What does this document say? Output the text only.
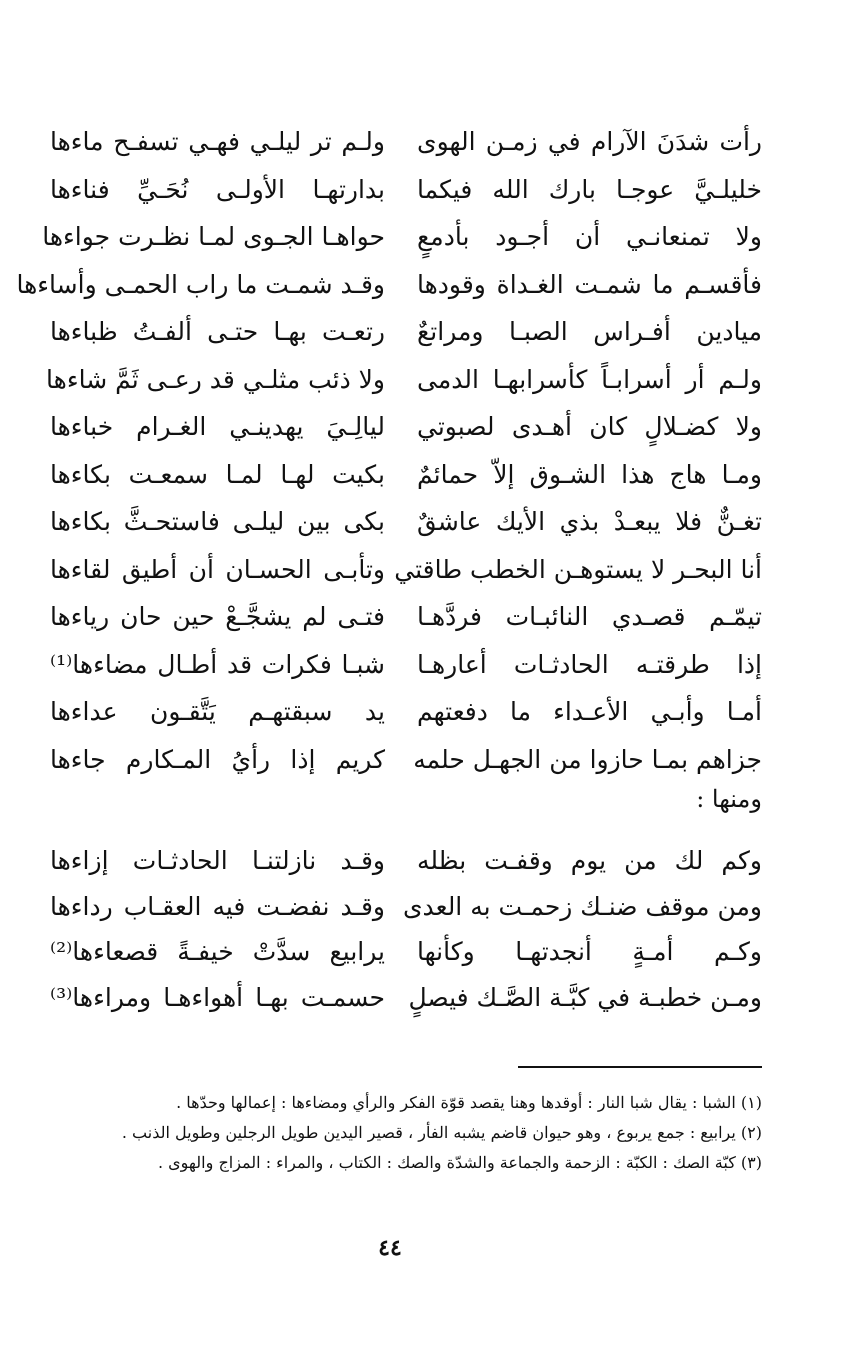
رأت شدَنَ الآرام في زمـن الهوى
ولـم تر ليلـي فهـي تسفـح ماءها
خليلـيَّ عوجـا بارك الله فيكما
بدارتهـا الأولـى نُحَـيِّ فناءها
ولا تمنعانـي أن أجـود بأدمعٍ
حواهـا الجـوى لمـا نظـرت جواءها
فأقسـم ما شمـت الغـداة وقودها
وقـد شمـت ما راب الحمـى وأساءها
ميادين أفـراس الصبـا ومراتعٌ
رتعـت بهـا حتـى ألفـتُ ظباءها
ولـم أر أسرابـاً كأسرابهـا الدمى
ولا ذئب مثلـي قد رعـى ثَمَّ شاءها
ولا كضـلالٍ كان أهـدى لصبوتي
ليالِـيَ يهدينـي الغـرام خباءها
ومـا هاج هذا الشـوق إلاّ حمائمٌ
بكيت لهـا لمـا سمعـت بكاءها
تغـنٌّ فلا يبعـدْ بذي الأيك عاشقٌ
بكى بين ليلـى فاستحـثَّ بكاءها
أنا البحـر لا يستوهـن الخطب طاقتي
وتأبـى الحسـان أن أطيق لقاءها
تيمّـم قصـدي النائبـات فردَّهـا
فتـى لم يشجَّـعْ حين حان رياءها
إذا طرقتـه الحادثـات أعارهـا
شبـا فكرات قد أطـال مضاءها⁽¹⁾
أمـا وأبـي الأعـداء ما دفعتهم
يد سبقتهـم يَتَّقـون عداءها
جزاهم بمـا حازوا من الجهـل حلمه
كريم إذا رأيُ المـكارم جاءها
ومنها :
وكم لك من يوم وقفـت بظله
وقـد نازلتنـا الحادثـات إزاءها
ومن موقف ضنـك زحمـت به العدى
وقـد نفضـت فيه العقـاب رداءها
وكـم أمـةٍ أنجدتهـا وكأنها
يرابيع سدَّتْ خيفـةً قصعاءها⁽²⁾
ومـن خطبـة في كبَّـة الصَّـك فيصلٍ
حسمـت بهـا أهواءهـا ومراءها⁽³⁾
(١) الشبا : يقال شبا النار : أوقدها وهنا يقصد قوّة الفكر والرأي ومضاءها : إعمالها وحدّها .
(٢) يرابيع : جمع يربوع ، وهو حيوان قاضم يشبه الفأر ، قصير اليدين طويل الرجلين وطويل الذنب .
(٣) كبّة الصك : الكبّة : الزحمة والجماعة والشدّة والصك : الكتاب ، والمراء : المزاج والهوى .
٤٤
